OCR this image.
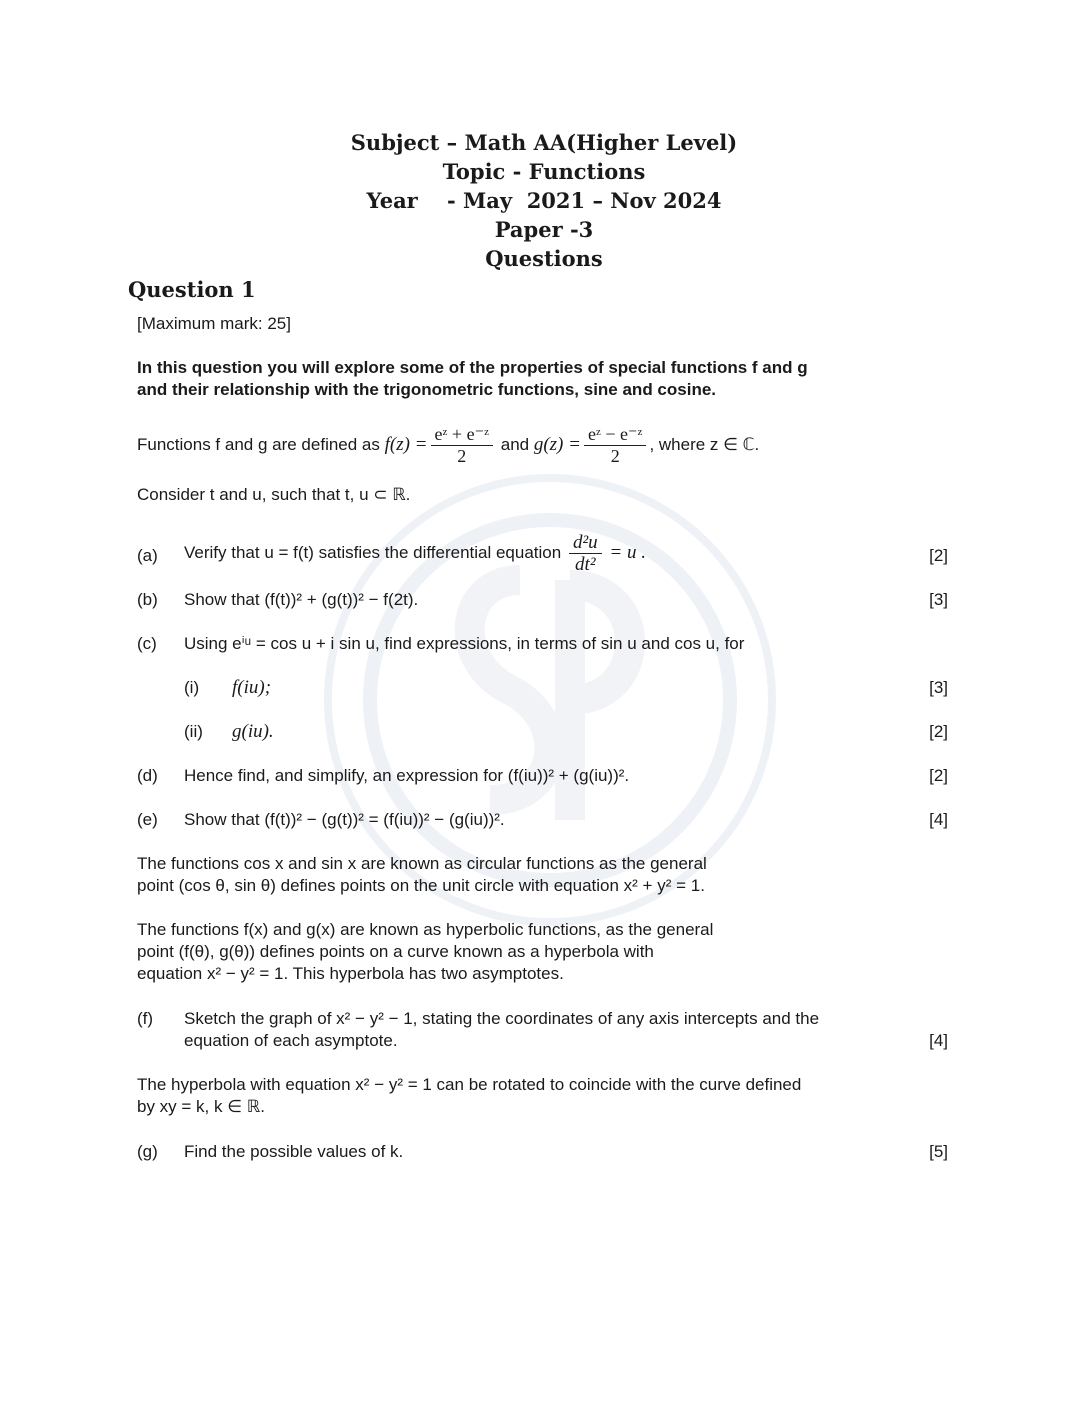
Subject – Math AA(Higher Level)
Topic - Functions
Year    - May  2021 – Nov 2024
Paper -3
Questions
Question 1
[Maximum mark: 25]
In this question you will explore some of the properties of special functions f and g
and their relationship with the trigonometric functions, sine and cosine.
Functions f and g are defined as $f(z) = \frac{\text{eᶻ + e⁻ᶻ}}{2}$ and $g(z) = \frac{\text{eᶻ − e⁻ᶻ}}{2}$ , where z ∈ ℂ.
Consider t and u, such that t, u ⊂ ℝ.
(a) Verify that u = f(t) satisfies the differential equation $\frac{\text{d²u}}{\text{dt²}} = u$ .	[2]
(b) Show that (f(t))² + (g(t))² − f(2t).	[3]
(c) Using eⁱᵘ = cos u + i sin u, find expressions, in terms of sin u and cos u, for
(i) f(iu);	[3]
(ii) g(iu).	[2]
(d) Hence find, and simplify, an expression for (f(iu))² + (g(iu))².	[2]
(e) Show that (f(t))² − (g(t))² = (f(iu))² − (g(iu))².	[4]
The functions cos x and sin x are known as circular functions as the general
point (cos θ, sin θ) defines points on the unit circle with equation x² + y² = 1.
The functions f(x) and g(x) are known as hyperbolic functions, as the general
point (f(θ), g(θ)) defines points on a curve known as a hyperbola with
equation x² − y² = 1. This hyperbola has two asymptotes.
(f) Sketch the graph of x² − y² − 1, stating the coordinates of any axis intercepts and the
equation of each asymptote.	[4]
The hyperbola with equation x² − y² = 1 can be rotated to coincide with the curve defined
by xy = k, k ∈ ℝ.
(g) Find the possible values of k.	[5]
